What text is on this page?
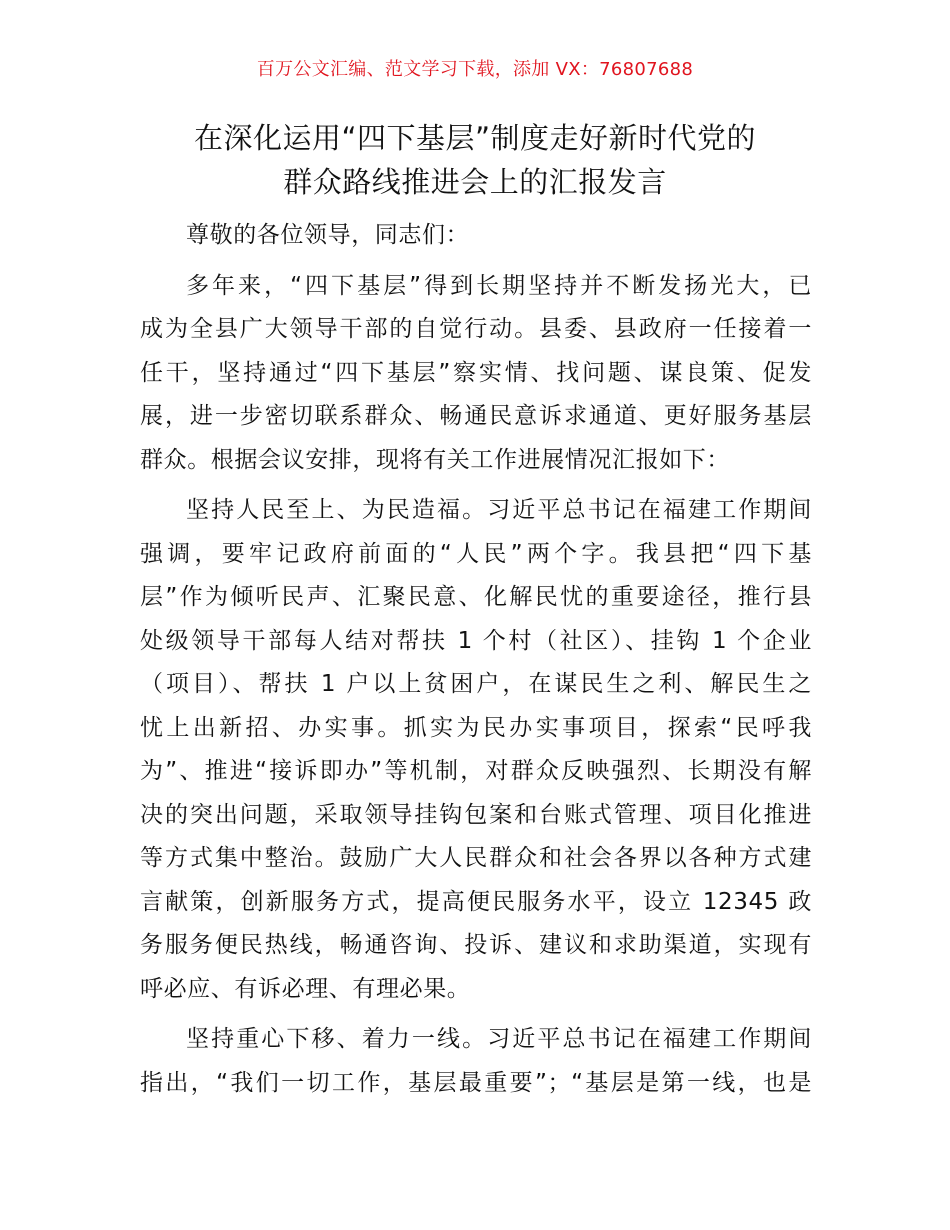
百万公文汇编、范文学习下载，添加 VX：76807688
在深化运用“四下基层”制度走好新时代党的
群众路线推进会上的汇报发言

尊敬的各位领导，同志们：

多年来，“四下基层”得到长期坚持并不断发扬光大，已
成为全县广大领导干部的自觉行动。县委、县政府一任接着一
任干，坚持通过“四下基层”察实情、找问题、谋良策、促发
展，进一步密切联系群众、畅通民意诉求通道、更好服务基层
群众。根据会议安排，现将有关工作进展情况汇报如下：

坚持人民至上、为民造福。习近平总书记在福建工作期间
强调，要牢记政府前面的“人民”两个字。我县把“四下基
层”作为倾听民声、汇聚民意、化解民忧的重要途径，推行县
处级领导干部每人结对帮扶 1 个村（社区）、挂钩 1 个企业
（项目）、帮扶 1 户以上贫困户，在谋民生之利、解民生之
忧上出新招、办实事。抓实为民办实事项目，探索“民呼我
为”、推进“接诉即办”等机制，对群众反映强烈、长期没有解
决的突出问题，采取领导挂钩包案和台账式管理、项目化推进
等方式集中整治。鼓励广大人民群众和社会各界以各种方式建
言献策，创新服务方式，提高便民服务水平，设立 12345 政
务服务便民热线，畅通咨询、投诉、建议和求助渠道，实现有
呼必应、有诉必理、有理必果。

坚持重心下移、着力一线。习近平总书记在福建工作期间
指出，“我们一切工作，基层最重要”；“基层是第一线，也是
